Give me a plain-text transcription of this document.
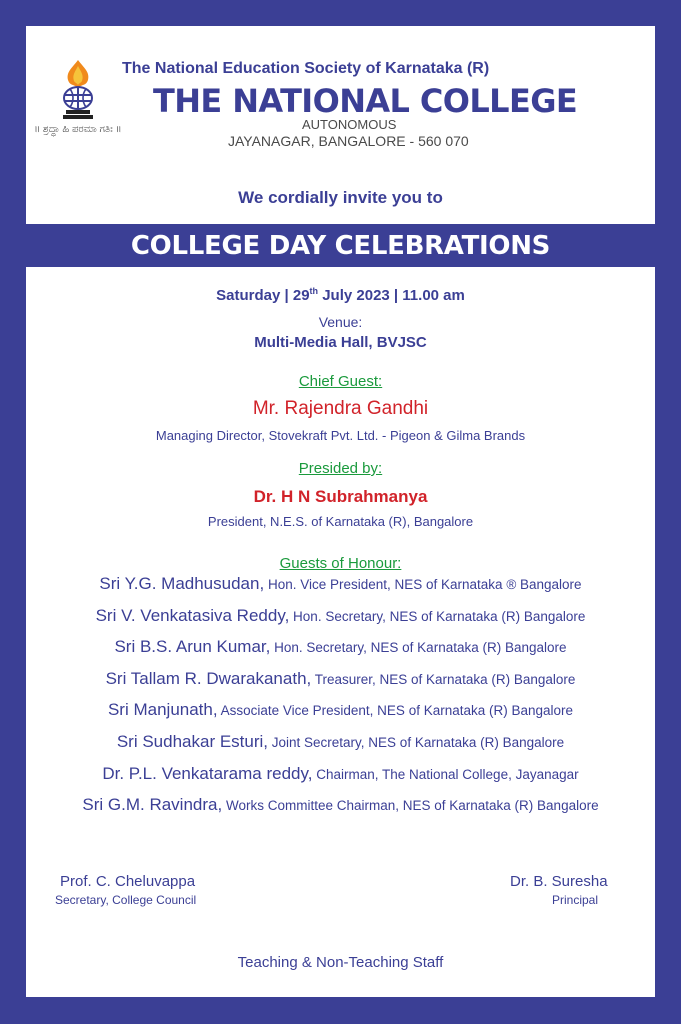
The National Education Society of Karnataka (R)
THE NATIONAL COLLEGE
AUTONOMOUS
JAYANAGAR, BANGALORE - 560 070
॥ ಶ್ರದ್ಧಾ ಹಿ ಪರಮಾ ಗತಿಃ ॥
We cordially invite you to
COLLEGE DAY CELEBRATIONS
Saturday | 29th July 2023 | 11.00 am
Venue:
Multi-Media Hall, BVJSC
Chief Guest:
Mr. Rajendra Gandhi
Managing Director, Stovekraft Pvt. Ltd. - Pigeon & Gilma Brands
Presided by:
Dr. H N Subrahmanya
President, N.E.S. of Karnataka (R), Bangalore
Guests of Honour:
Sri Y.G. Madhusudan, Hon. Vice President, NES of Karnataka ® Bangalore
Sri V. Venkatasiva Reddy, Hon. Secretary, NES of Karnataka (R) Bangalore
Sri B.S. Arun Kumar, Hon. Secretary, NES of Karnataka (R) Bangalore
Sri Tallam R. Dwarakanath, Treasurer, NES of Karnataka (R) Bangalore
Sri Manjunath, Associate Vice President, NES of Karnataka (R) Bangalore
Sri Sudhakar Esturi, Joint Secretary, NES of Karnataka (R) Bangalore
Dr. P.L. Venkatarama reddy, Chairman, The National College, Jayanagar
Sri G.M. Ravindra, Works Committee Chairman, NES of Karnataka (R) Bangalore
Prof. C. Cheluvappa
Secretary, College Council
Dr. B. Suresha
Principal
Teaching & Non-Teaching Staff
